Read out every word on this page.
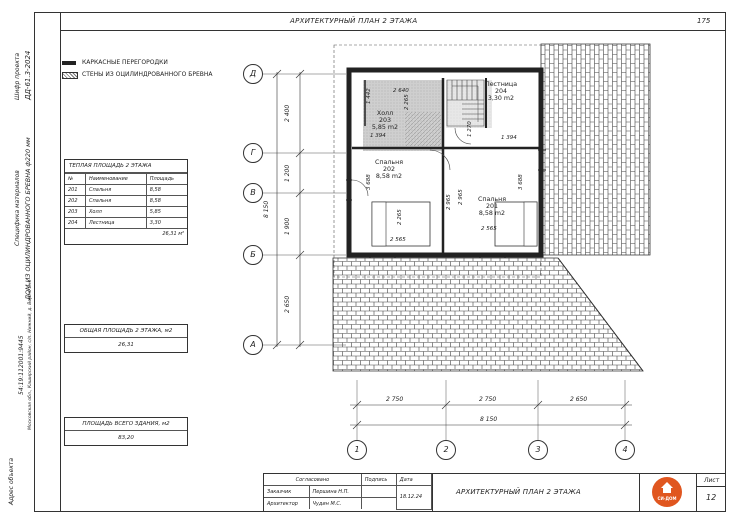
АРХИТЕКТУРНЫЙ ПЛАН 2 ЭТАЖА	175
Шифр проекта ДД-61.3-2024
Специфика материалов ДОМ ИЗ ОЦИЛИНДРОВАННОГО БРЕВНА ф220 мм
Адрес объекта
54:19:112001:9445 Московская обл., Каширский район, с/п. Нижний, д. Вертягино
КАРКАСНЫЕ ПЕРЕГОРОДКИ
СТЕНЫ ИЗ ОЦИЛИНДРОВАННОГО БРЕВНА
ТЕПЛАЯ ПЛОЩАДЬ 2 ЭТАЖА
№	Наименование	Площадь
201	Спальня	8,58
202	Спальня	8,58
203	Холл	5,85
204	Лестница	3,30
		26,31 м²
ОБЩАЯ ПЛОЩАДЬ 2 ЭТАЖА, м2
26,31
ПЛОЩАДЬ ВСЕГО ЗДАНИЯ, м2
83,20
Д
Г
В
Б
А
1	2	3	4
2 400
1 200
1 900
2 650
8 150
2 750	2 750	2 650
8 150
2 640
1 442	2 265
2 265
1 394	1 394
3 688	3 688
2 965 2 965
2 565
2 565
1 270
Лестница
204
3,30 m2
Холл
203
5,85 m2
Спальня
202
8,58 m2
Спальня
201
8,58 m2
Согласовано		Подпись	Дата
Заказчик	Першина Н.П.		18.12.24
Архитектор	Чудин М.С.		
АРХИТЕКТУРНЫЙ ПЛАН 2 ЭТАЖА
Лист
12
СИ-ДОМ
